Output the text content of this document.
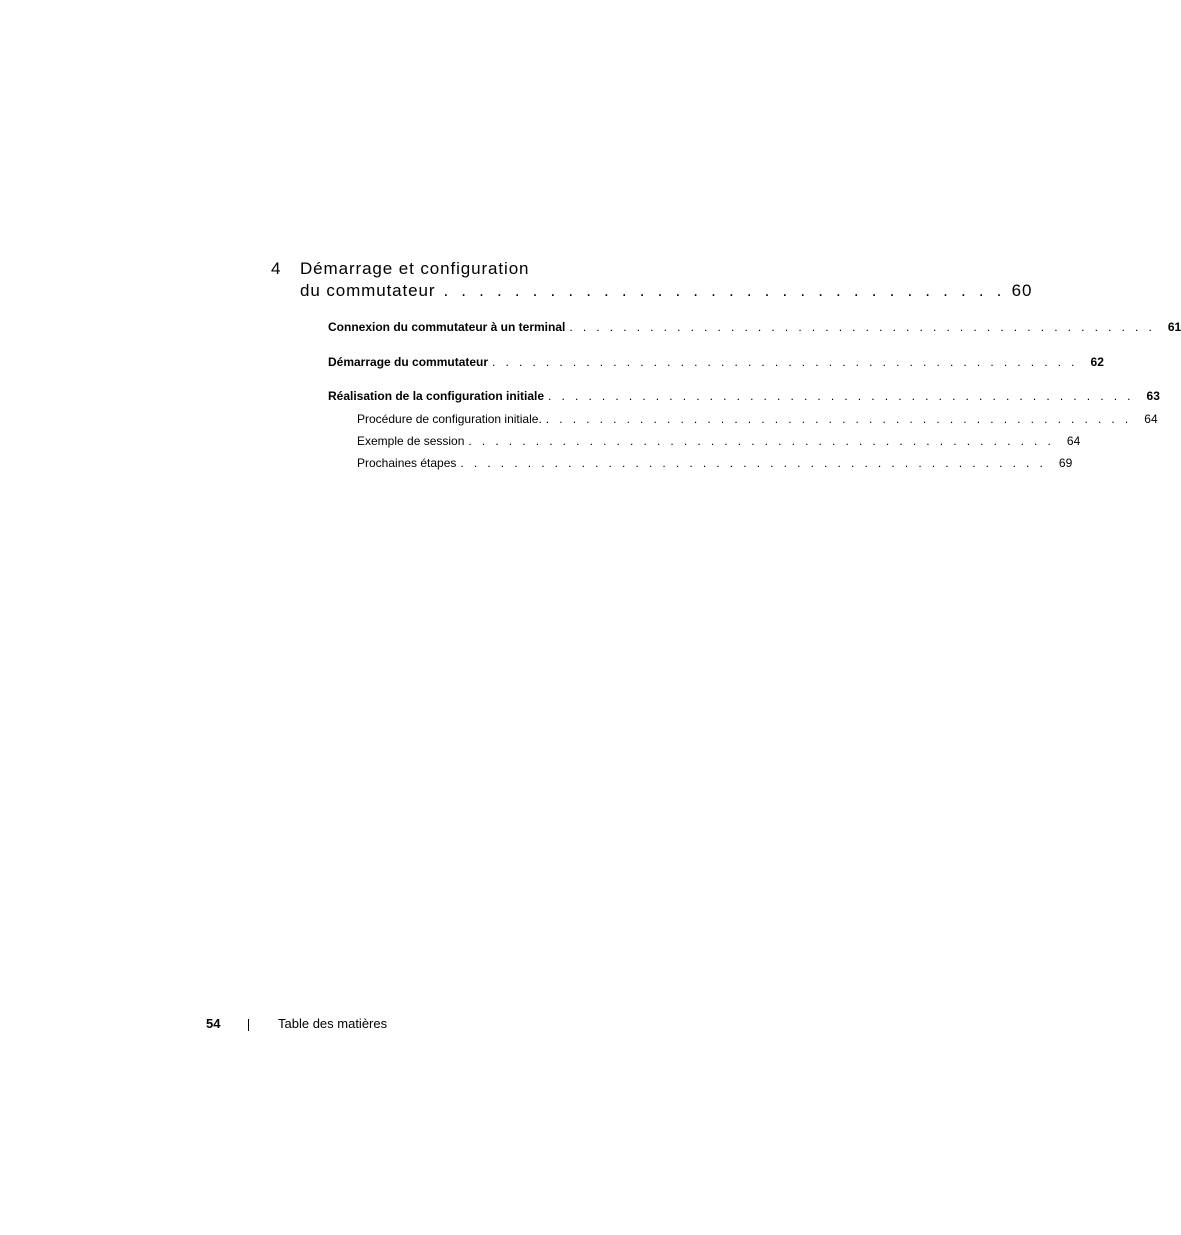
4 Démarrage et configuration
du commutateur . . . . . . . . . . . . . . . . . . . . . . . . . . . . . . . . 60
Connexion du commutateur à un terminal . . . . . . . . . . . . . . . . . . . . . . . . . . . . . . . . . . . . . . . . . . . .	61
Démarrage du commutateur . . . . . . . . . . . . . . . . . . . . . . . . . . . . . . . . . . . . . . . . . . . .	62
Réalisation de la configuration initiale . . . . . . . . . . . . . . . . . . . . . . . . . . . . . . . . . . . . . . . . . . . .	63
Procédure de configuration initiale. . . . . . . . . . . . . . . . . . . . . . . . . . . . . . . . . . . . . . . . . . . . .	64
Exemple de session . . . . . . . . . . . . . . . . . . . . . . . . . . . . . . . . . . . . . . . . . . . .	64
Prochaines étapes . . . . . . . . . . . . . . . . . . . . . . . . . . . . . . . . . . . . . . . . . . . .	69
54	Table des matières
